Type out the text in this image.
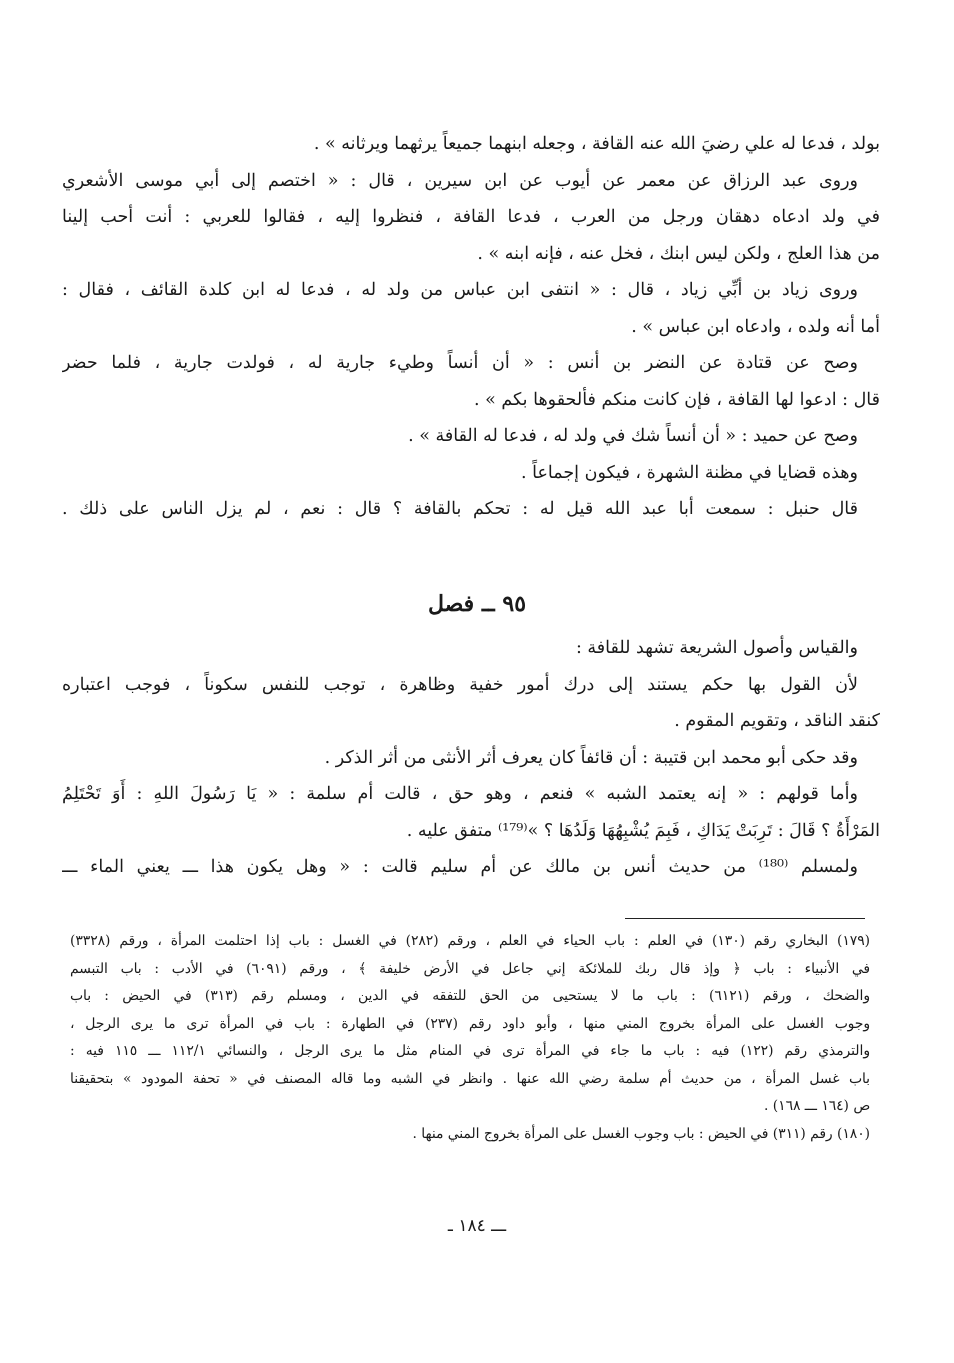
بولد ، فدعا له علي رضيَ الله عنه القافة ، وجعله ابنهما جميعاً يرثهما ويرثانه » .
وروى عبد الرزاق عن معمر عن أيوب عن ابن سيرين ، قال : « اختصم إلى أبي موسى الأشعري
في ولد ادعاه دهقان ورجل من العرب ، فدعا القافة ، فنظروا إليه ، فقالوا للعربي : أنت أحب إلينا
من هذا العلج ، ولكن ليس ابنك ، فخل عنه ، فإنه ابنه » .
وروى زياد بن أبِّي زياد ، قال : « انتفى ابن عباس من ولد له ، فدعا له ابن كلدة القائف ، فقال :
أما أنه ولده ، وادعاه ابن عباس » .
وصح عن قتادة عن النضر بن أنس : « أن أنساً وطيء جارية له ، فولدت جارية ، فلما حضر
قال : ادعوا لها القافة ، فإن كانت منكم فألحقوها بكم » .
وصح عن حميد : « أن أنساً شك في ولد له ، فدعا له القافة » .
وهذه قضايا في مظنة الشهرة ، فيكون إجماعاً .
قال حنبل : سمعت أبا عبد الله قيل له : تحكم بالقافة ؟ قال : نعم ، لم يزل الناس على ذلك .
٩٥ ــ فصل
والقياس وأصول الشريعة تشهد للقافة :
لأن القول بها حكم يستند إلى درك أمور خفية وظاهرة ، توجب للنفس سكوناً ، فوجب اعتباره
كنقد الناقد ، وتقويم المقوم .
وقد حكى أبو محمد ابن قتيبة : أن قائفاً كان يعرف أثر الأنثى من أثر الذكر .
وأما قولهم : « إنه يعتمد الشبه » فنعم ، وهو حق ، قالت أم سلمة : « يَا رَسُولَ اللهِ : أَوَ تَحْتَلِمُ
المَرْأَةُ ؟ قَالَ : تَرِبَتْ يَدَاكِ ، فَبِمَ يُشْبِهُهَا وَلَدُهَا ؟ »⁽¹⁷⁹⁾ متفق عليه .
ولمسلم ⁽¹⁸⁰⁾ من حديث أنس بن مالك عن أم سليم قالت : « وهل يكون هذا ـــ يعني الماء ـــ
(١٧٩) البخاري رقم (١٣٠) في العلم : باب الحياء في العلم ، ورقم (٢٨٢) في الغسل : باب إذا احتلمت المرأة ، ورقم (٣٣٢٨)
في الأنبياء : باب ﴿ وإذ قال ربك للملائكة إني جاعل في الأرض خليفة ﴾ ، ورقم (٦٠٩١) في الأدب : باب التبسم
والضحك ، ورقم (٦١٢١) : باب ما لا يستحيى من الحق للتفقه في الدين ، ومسلم رقم (٣١٣) في الحيض : باب
وجوب الغسل على المرأة بخروج المني منها ، وأبو داود رقم (٢٣٧) في الطهارة : باب في المرأة ترى ما يرى الرجل ،
والترمذي رقم (١٢٢) فيه : باب ما جاء في المرأة ترى في المنام مثل ما يرى الرجل ، والنسائي ١١٢/١ ـــ ١١٥ فيه :
باب غسل المرأة ، من حديث أم سلمة رضي الله عنها . وانظر في الشبه وما قاله المصنف في « تحفة المودود » بتحقيقنا
ص (١٦٤ ـــ ١٦٨) .
(١٨٠) رقم (٣١١) في الحيض : باب وجوب الغسل على المرأة بخروج المني منها .
ـــ ١٨٤ ـ
